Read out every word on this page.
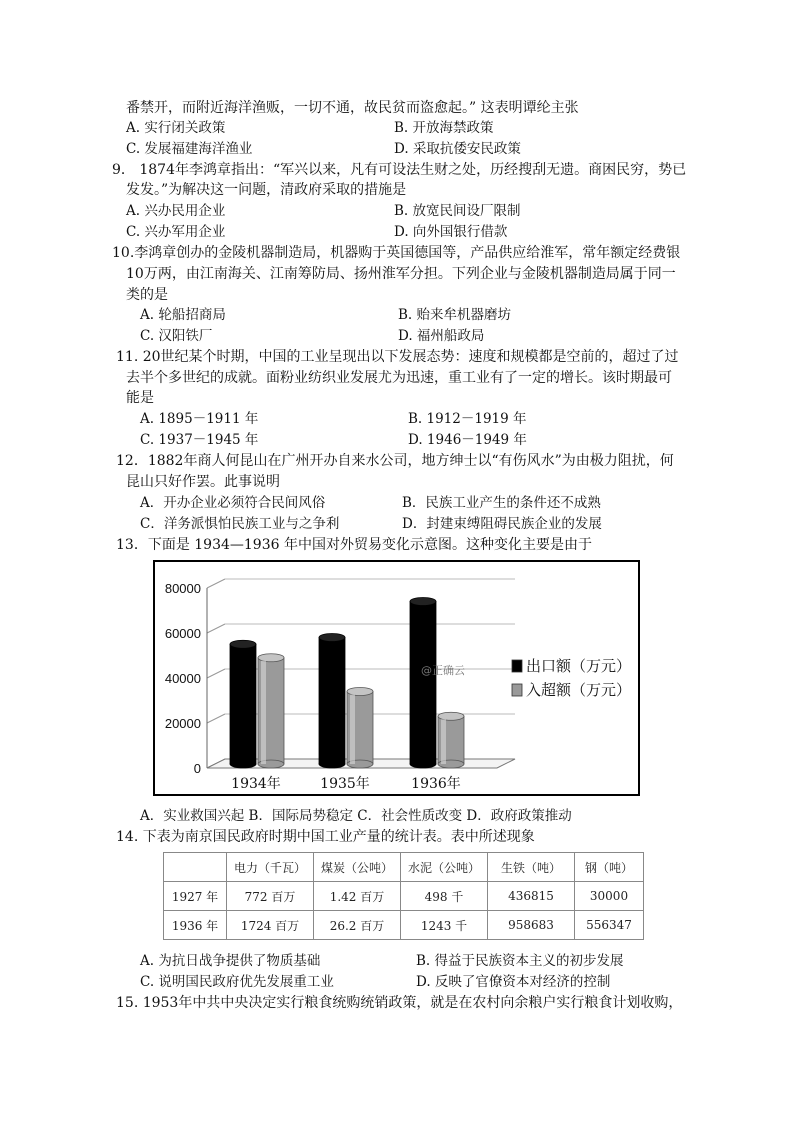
番禁开，而附近海洋渔贩，一切不通，故民贫而盗愈起。” 这表明谭纶主张
A. 实行闭关政策	B. 开放海禁政策
C. 发展福建海洋渔业	D. 采取抗倭安民政策
9． 1874年李鸿章指出：“军兴以来，凡有可设法生财之处，历经搜刮无遗。商困民穷，势已
发发。”为解决这一问题，清政府采取的措施是
A. 兴办民用企业	B. 放宽民间设厂限制
C. 兴办军用企业	D. 向外国银行借款
10.李鸿章创办的金陵机器制造局，机器购于英国德国等，产品供应给淮军，常年额定经费银
10万两，由江南海关、江南筹防局、扬州淮军分担。下列企业与金陵机器制造局属于同一
类的是
A. 轮船招商局	B. 贻来牟机器磨坊
C. 汉阳铁厂	D. 福州船政局
11. 20世纪某个时期，中国的工业呈现出以下发展态势：速度和规模都是空前的，超过了过
去半个多世纪的成就。面粉业纺织业发展尤为迅速，重工业有了一定的增长。该时期最可
能是
A. 1895－1911 年	B. 1912－1919 年
C. 1937－1945 年	D. 1946－1949 年
12．1882年商人何昆山在广州开办自来水公司，地方绅士以“有伤风水”为由极力阻扰，何
昆山只好作罢。此事说明
A．开办企业必须符合民间风俗	B．民族工业产生的条件还不成熟
C．洋务派惧怕民族工业与之争利	D．封建束缚阻碍民族企业的发展
13．下面是 1934—1936 年中国对外贸易变化示意图。这种变化主要是由于
0
20000
40000
60000
80000
1934年	1935年	1936年
@正确云	出口额（万元）
入超额（万元）
A．实业救国兴起 B．国际局势稳定 C．社会性质改变 D．政府政策推动
14. 下表为南京国民政府时期中国工业产量的统计表。表中所述现象
	电力（千瓦）	煤炭（公吨）	水泥（公吨）	生铁（吨）	钢（吨）
1927 年	772 百万	1.42 百万	498 千	436815	30000
1936 年	1724 百万	26.2 百万	1243 千	958683	556347
A. 为抗日战争提供了物质基础	B. 得益于民族资本主义的初步发展
C. 说明国民政府优先发展重工业	D. 反映了官僚资本对经济的控制
15. 1953年中共中央决定实行粮食统购统销政策，就是在农村向余粮户实行粮食计划收购，
